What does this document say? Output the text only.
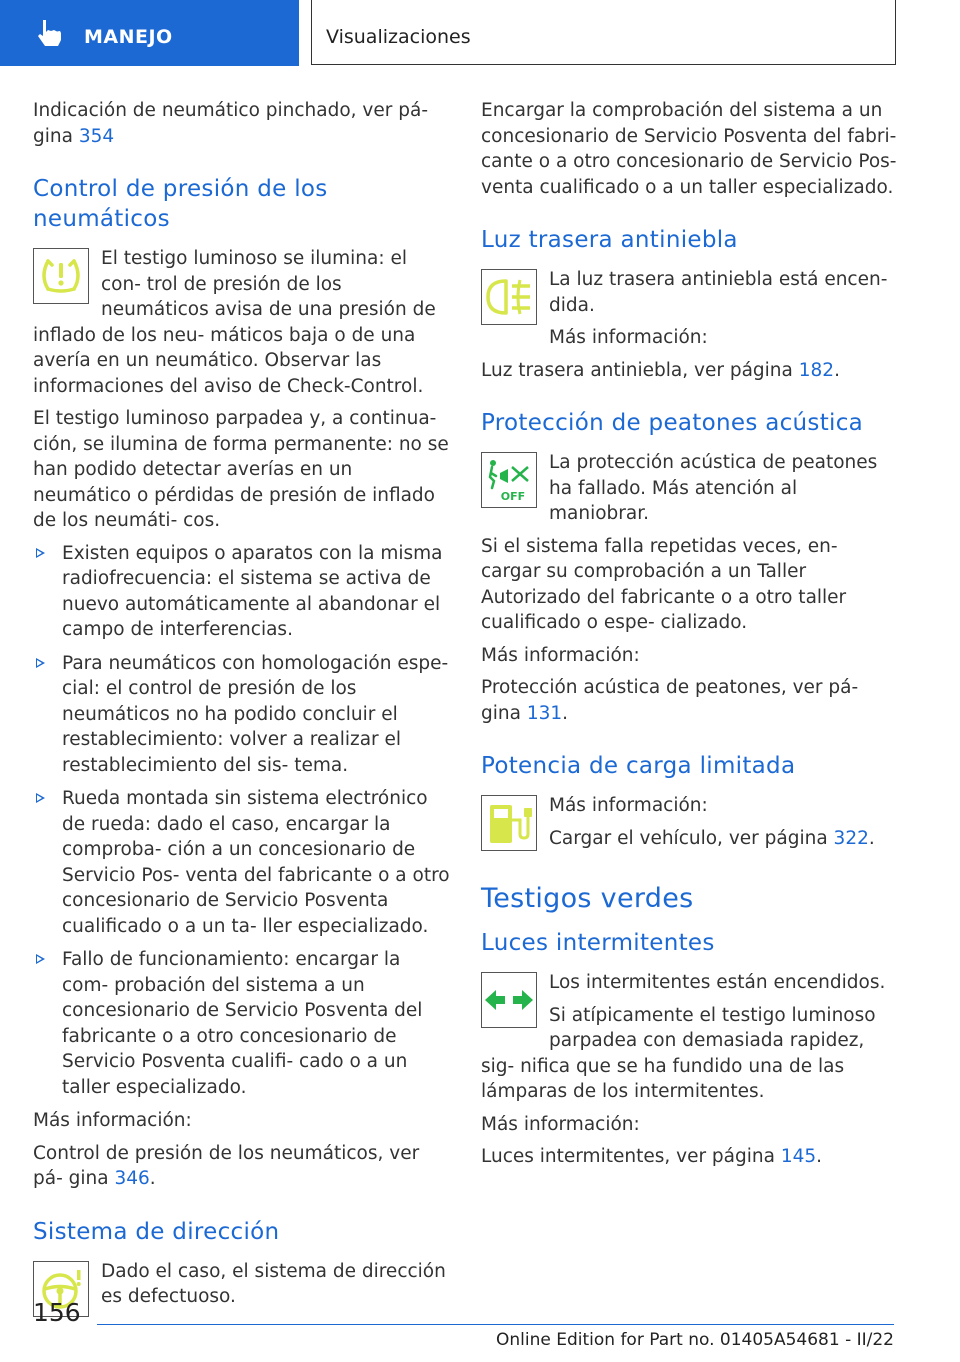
MANEJO	Visualizaciones

Indicación de neumático pinchado, ver pá‐ gina 354

Control de presión de los neumáticos

El testigo luminoso se ilumina: el con‐ trol de presión de los neumáticos avisa de una presión de inflado de los neu‐ máticos baja o de una avería en un neumático. Observar las informaciones del aviso de Check-Control.

El testigo luminoso parpadea y, a continua‐ ción, se ilumina de forma permanente: no se han podido detectar averías en un neumático o pérdidas de presión de inflado de los neumáti‐ cos.

Existen equipos o aparatos con la misma radiofrecuencia: el sistema se activa de nuevo automáticamente al abandonar el campo de interferencias.
Para neumáticos con homologación espe‐ cial: el control de presión de los neumáticos no ha podido concluir el restablecimiento: volver a realizar el restablecimiento del sis‐ tema.
Rueda montada sin sistema electrónico de rueda: dado el caso, encargar la comproba‐ ción a un concesionario de Servicio Pos‐ venta del fabricante o a otro concesionario de Servicio Posventa cualificado o a un ta‐ ller especializado.
Fallo de funcionamiento: encargar la com‐ probación del sistema a un concesionario de Servicio Posventa del fabricante o a otro concesionario de Servicio Posventa cualifi‐ cado o a un taller especializado.

Más información:

Control de presión de los neumáticos, ver pá‐ gina 346.

Sistema de dirección

Dado el caso, el sistema de dirección es defectuoso.

Encargar la comprobación del sistema a un concesionario de Servicio Posventa del fabri‐ cante o a otro concesionario de Servicio Pos‐ venta cualificado o a un taller especializado.

Luz trasera antiniebla

La luz trasera antiniebla está encen‐ dida.

Más información:

Luz trasera antiniebla, ver página 182.

Protección de peatones acústica
OFF

La protección acústica de peatones ha fallado. Más atención al maniobrar.

Si el sistema falla repetidas veces, en‐ cargar su comprobación a un Taller Autorizado del fabricante o a otro taller cualificado o espe‐ cializado.

Más información:

Protección acústica de peatones, ver pá‐ gina 131.

Potencia de carga limitada

Más información:

Cargar el vehículo, ver página 322.

Testigos verdes
Luces intermitentes

Los intermitentes están encendidos.

Si atípicamente el testigo luminoso parpadea con demasiada rapidez, sig‐ nifica que se ha fundido una de las lámparas de los intermitentes.

Más información:

Luces intermitentes, ver página 145.

156
Online Edition for Part no. 01405A54681 - II/22
